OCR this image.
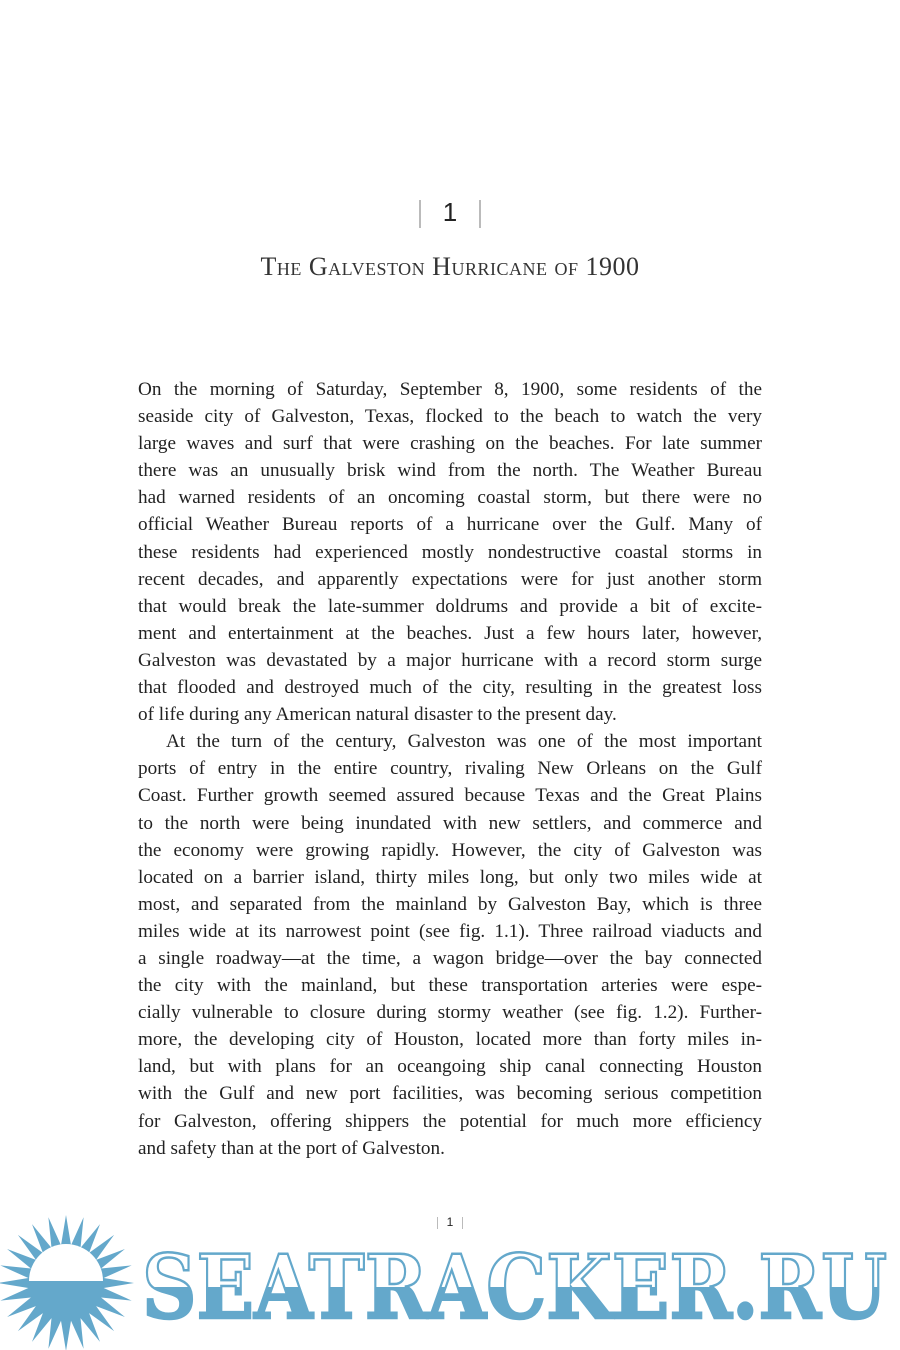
1
The Galveston Hurricane of 1900
On the morning of Saturday, September 8, 1900, some residents of the
seaside city of Galveston, Texas, flocked to the beach to watch the very
large waves and surf that were crashing on the beaches. For late summer
there was an unusually brisk wind from the north. The Weather Bureau
had warned residents of an oncoming coastal storm, but there were no
official Weather Bureau reports of a hurricane over the Gulf. Many of
these residents had experienced mostly nondestructive coastal storms in
recent decades, and apparently expectations were for just another storm
that would break the late-summer doldrums and provide a bit of excite-
ment and entertainment at the beaches. Just a few hours later, however,
Galveston was devastated by a major hurricane with a record storm surge
that flooded and destroyed much of the city, resulting in the greatest loss
of life during any American natural disaster to the present day.
At the turn of the century, Galveston was one of the most important
ports of entry in the entire country, rivaling New Orleans on the Gulf
Coast. Further growth seemed assured because Texas and the Great Plains
to the north were being inundated with new settlers, and commerce and
the economy were growing rapidly. However, the city of Galveston was
located on a barrier island, thirty miles long, but only two miles wide at
most, and separated from the mainland by Galveston Bay, which is three
miles wide at its narrowest point (see fig. 1.1). Three railroad viaducts and
a single roadway—at the time, a wagon bridge—over the bay connected
the city with the mainland, but these transportation arteries were espe-
cially vulnerable to closure during stormy weather (see fig. 1.2). Further-
more, the developing city of Houston, located more than forty miles in-
land, but with plans for an oceangoing ship canal connecting Houston
with the Gulf and new port facilities, was becoming serious competition
for Galveston, offering shippers the potential for much more efficiency
and safety than at the port of Galveston.
1
SEATRACKER.RU
